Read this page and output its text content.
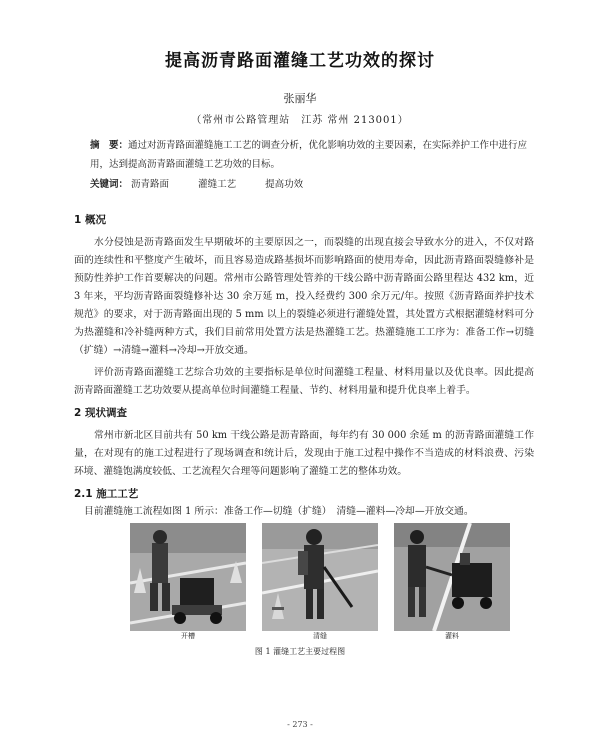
提高沥青路面灌缝工艺功效的探讨
张丽华
（常州市公路管理站　江苏 常州 213001）
摘　要：通过对沥青路面灌缝施工工艺的调查分析，优化影响功效的主要因素，在实际养护工作中进行应用，达到提高沥青路面灌缝工艺功效的目标。
关键词： 沥青路面	灌缝工艺	提高功效
1 概况
水分侵蚀是沥青路面发生早期破坏的主要原因之一，而裂缝的出现直接会导致水分的进入，不仅对路面的连续性和平整度产生破坏，而且容易造成路基损坏而影响路面的使用寿命，因此沥青路面裂缝修补是预防性养护工作首要解决的问题。常州市公路管理处管养的干线公路中沥青路面公路里程达 432 km，近 3 年来，平均沥青路面裂缝修补达 30 余万延 m，投入经费约 300 余万元/年。按照《沥青路面养护技术规范》的要求，对于沥青路面出现的 5 mm 以上的裂缝必须进行灌缝处置，其处置方式根据灌缝材料可分为热灌缝和冷补缝两种方式，我们目前常用处置方法是热灌缝工艺。热灌缝施工工序为：准备工作→切缝（扩缝）→清缝→灌料→冷却→开放交通。
评价沥青路面灌缝工艺综合功效的主要指标是单位时间灌缝工程量、材料用量以及优良率。因此提高沥青路面灌缝工艺功效要从提高单位时间灌缝工程量、节约、材料用量和提升优良率上着手。
2 现状调查
常州市新北区目前共有 50 km 干线公路是沥青路面，每年约有 30 000 余延 m 的沥青路面灌缝工作量，在对现有的施工过程进行了现场调查和统计后，发现由于施工过程中操作不当造成的材料浪费、污染环境、灌缝饱满度较低、工艺流程欠合理等问题影响了灌缝工艺的整体功效。
2.1 施工工艺
目前灌缝施工流程如图 1 所示：准备工作—切缝（扩缝）　清缝—灌料—冷却—开放交通。
开槽	清缝	灌料
图 1 灌缝工艺主要过程图
- 273 -
